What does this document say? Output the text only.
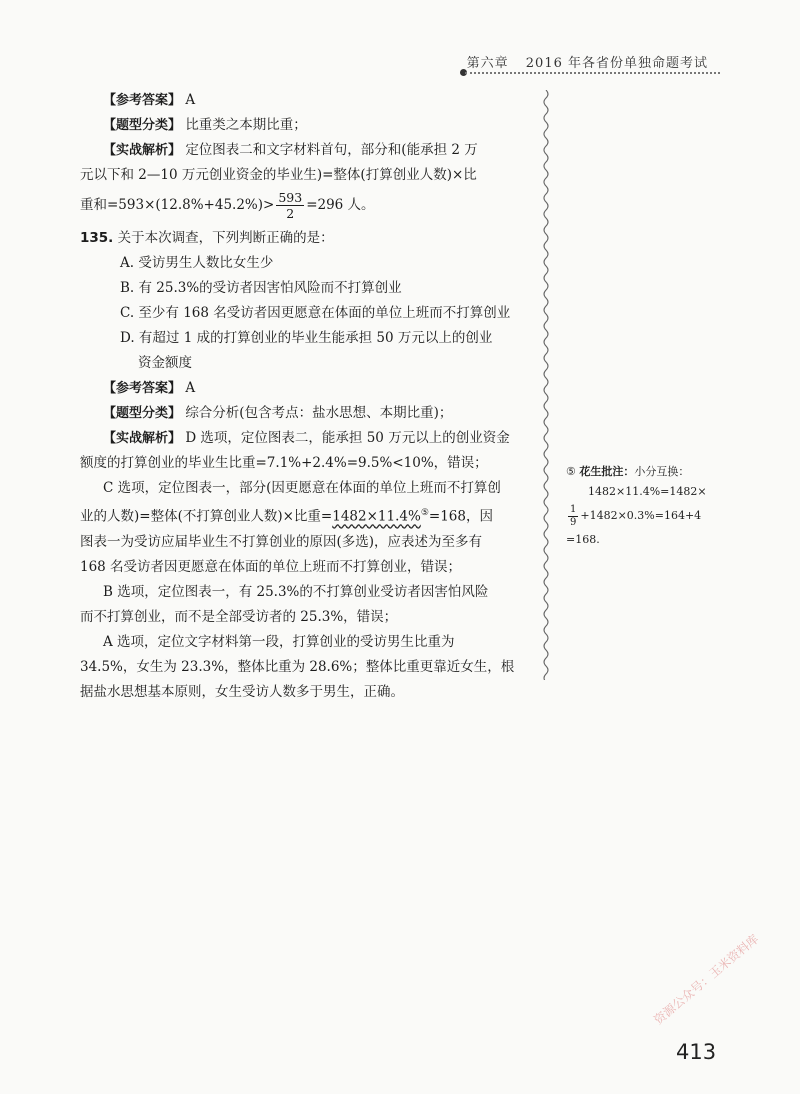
第六章 2016 年各省份单独命题考试

【参考答案】 A

【题型分类】 比重类之本期比重；

【实战解析】 定位图表二和文字材料首句，部分和(能承担 2 万

元以下和 2—10 万元创业资金的毕业生)=整体(打算创业人数)×比

重和$=593\times(12.8\%+45.2\%)> \frac{593}{2} =296$ 人。

135. 关于本次调查，下列判断正确的是：

A. 受访男生人数比女生少

B. 有 25.3%的受访者因害怕风险而不打算创业

C. 至少有 168 名受访者因更愿意在体面的单位上班而不打算创业

D. 有超过 1 成的打算创业的毕业生能承担 50 万元以上的创业

资金额度

【参考答案】 A

【题型分类】 综合分析(包含考点：盐水思想、本期比重)；

【实战解析】 D 选项，定位图表二，能承担 50 万元以上的创业资金

额度的打算创业的毕业生比重=7.1%+2.4%=9.5%<10%，错误；

C 选项，定位图表一，部分(因更愿意在体面的单位上班而不打算创

业的人数)=整体(不打算创业人数)×比重=1482×11.4%⑤=168，因

图表一为受访应届毕业生不打算创业的原因(多选)，应表述为至多有

168 名受访者因更愿意在体面的单位上班而不打算创业，错误；

B 选项，定位图表一，有 25.3%的不打算创业受访者因害怕风险

而不打算创业，而不是全部受访者的 25.3%，错误；

A 选项，定位文字材料第一段，打算创业的受访男生比重为

34.5%，女生为 23.3%，整体比重为 28.6%；整体比重更靠近女生，根

据盐水思想基本原则，女生受访人数多于男生，正确。

⑤ 花生批注：小分互换：
1482×11.4%=1482×
$\frac{1}{9} +1482\times 0.3\%=164+4$
=168.
413
资源公众号：玉米资料库
